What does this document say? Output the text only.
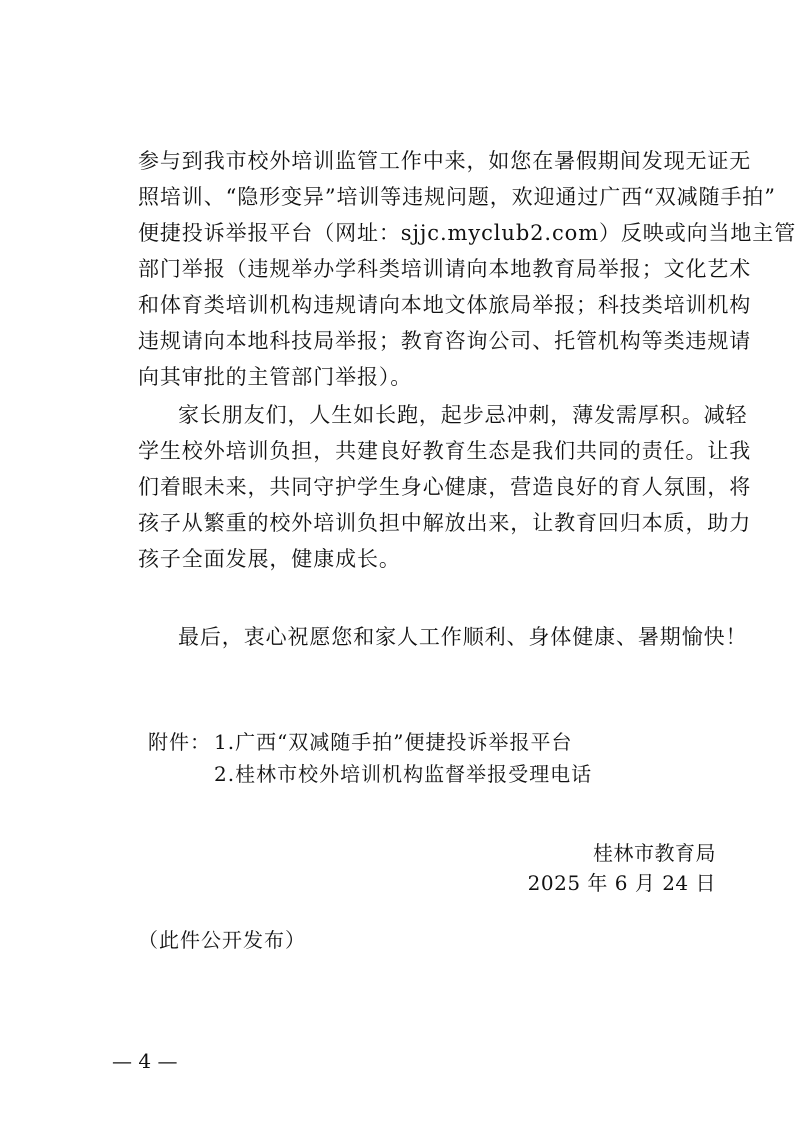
参与到我市校外培训监管工作中来，如您在暑假期间发现无证无
照培训、“隐形变异”培训等违规问题，欢迎通过广西“双减随手拍”
便捷投诉举报平台（网址：sjjc.myclub2.com）反映或向当地主管
部门举报（违规举办学科类培训请向本地教育局举报；文化艺术
和体育类培训机构违规请向本地文体旅局举报；科技类培训机构
违规请向本地科技局举报；教育咨询公司、托管机构等类违规请
向其审批的主管部门举报）。
家长朋友们，人生如长跑，起步忌冲刺，薄发需厚积。减轻
学生校外培训负担，共建良好教育生态是我们共同的责任。让我
们着眼未来，共同守护学生身心健康，营造良好的育人氛围，将
孩子从繁重的校外培训负担中解放出来，让教育回归本质，助力
孩子全面发展，健康成长。
最后，衷心祝愿您和家人工作顺利、身体健康、暑期愉快！
附件： 1.广西“双减随手拍”便捷投诉举报平台
2.桂林市校外培训机构监督举报受理电话
桂林市教育局
2025 年 6 月 24 日
（此件公开发布）
— 4 —
